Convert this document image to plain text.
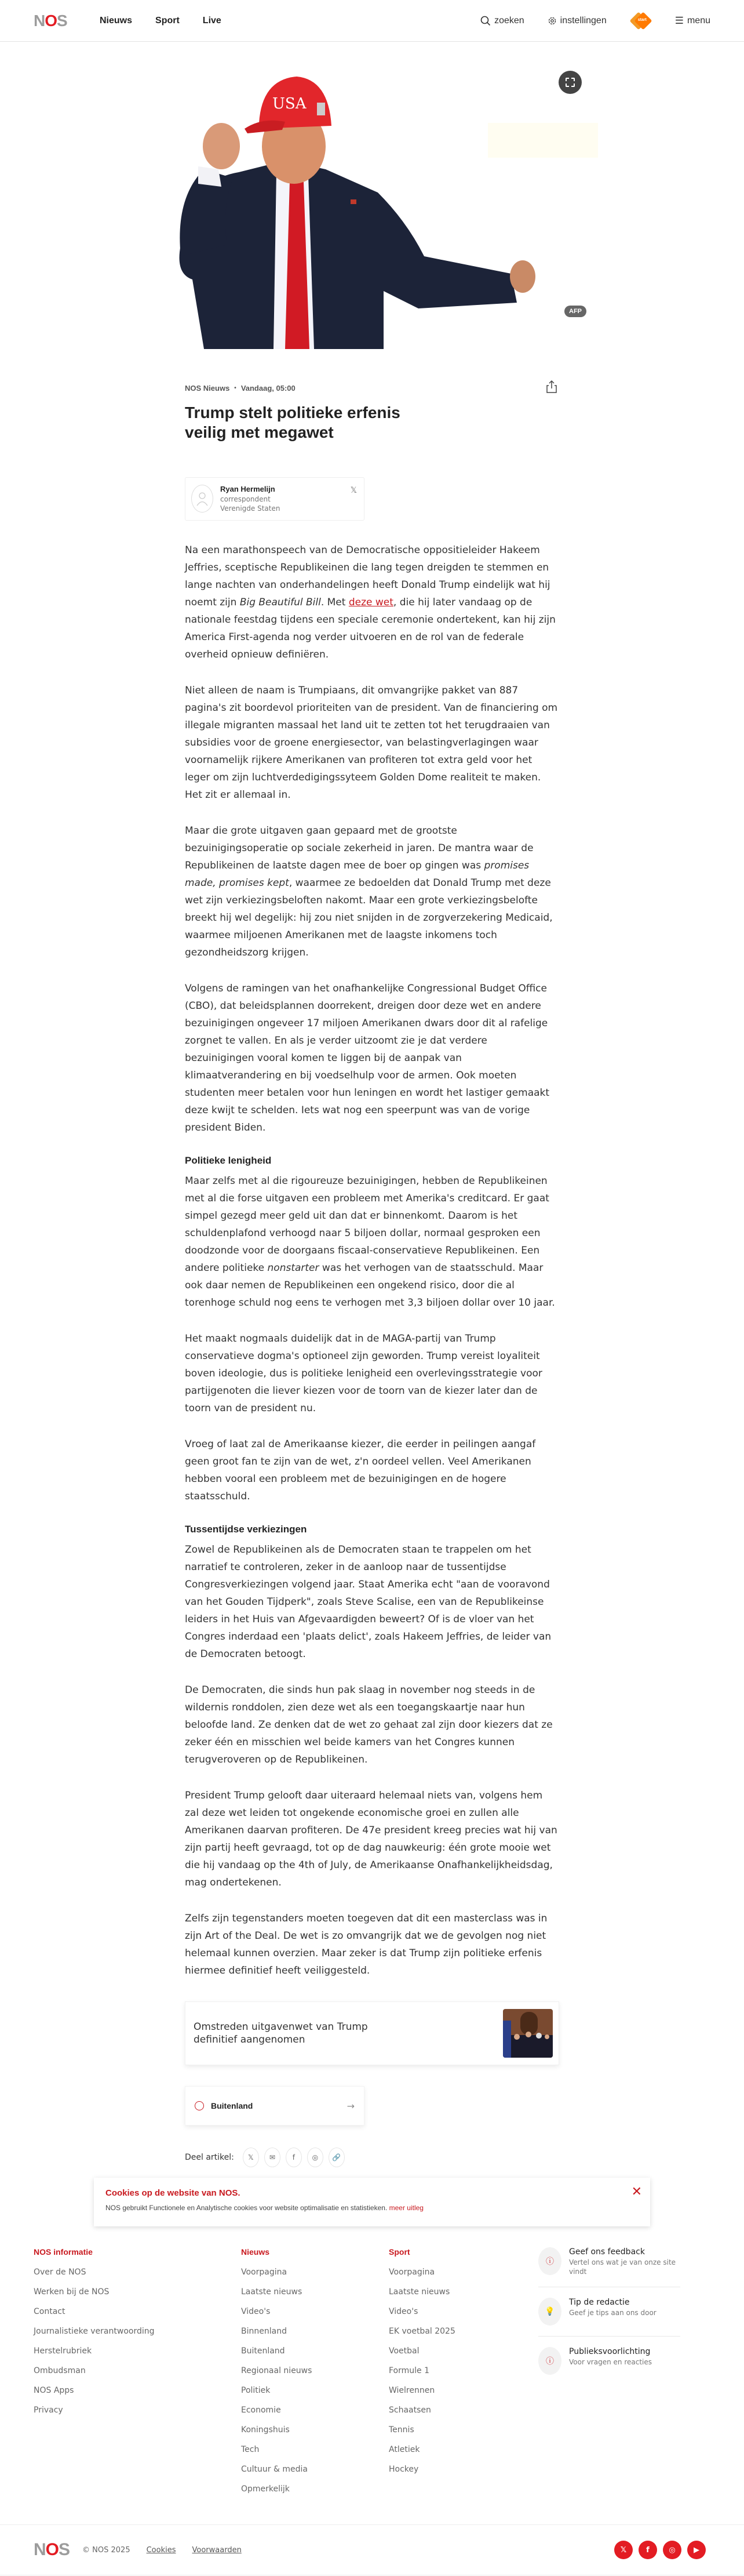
N O S	Nieuws	Sport	Live	zoeken	instellingen	start	☰ menu
USA
AFP
NOS Nieuws • Vandaag, 05:00
Trump stelt politieke erfenis veilig met megawet
Ryan Hermelijn
correspondent Verenigde Staten
𝕏

Na een marathonspeech van de Democratische oppositieleider Hakeem Jeffries, sceptische Republikeinen die lang tegen dreigden te stemmen en lange nachten van onderhandelingen heeft Donald Trump eindelijk wat hij noemt zijn Big Beautiful Bill. Met deze wet, die hij later vandaag op de nationale feestdag tijdens een speciale ceremonie ondertekent, kan hij zijn America First-agenda nog verder uitvoeren en de rol van de federale overheid opnieuw definiëren.

Niet alleen de naam is Trumpiaans, dit omvangrijke pakket van 887 pagina's zit boordevol prioriteiten van de president. Van de financiering om illegale migranten massaal het land uit te zetten tot het terugdraaien van subsidies voor de groene energiesector, van belastingverlagingen waar voornamelijk rijkere Amerikanen van profiteren tot extra geld voor het leger om zijn luchtverdedigingssyteem Golden Dome realiteit te maken. Het zit er allemaal in.

Maar die grote uitgaven gaan gepaard met de grootste bezuinigingsoperatie op sociale zekerheid in jaren. De mantra waar de Republikeinen de laatste dagen mee de boer op gingen was promises made, promises kept, waarmee ze bedoelden dat Donald Trump met deze wet zijn verkiezingsbeloften nakomt. Maar een grote verkiezingsbelofte breekt hij wel degelijk: hij zou niet snijden in de zorgverzekering Medicaid, waarmee miljoenen Amerikanen met de laagste inkomens toch gezondheidszorg krijgen.

Volgens de ramingen van het onafhankelijke Congressional Budget Office (CBO), dat beleidsplannen doorrekent, dreigen door deze wet en andere bezuinigingen ongeveer 17 miljoen Amerikanen dwars door dit al rafelige zorgnet te vallen. En als je verder uitzoomt zie je dat verdere bezuinigingen vooral komen te liggen bij de aanpak van klimaatverandering en bij voedselhulp voor de armen. Ook moeten studenten meer betalen voor hun leningen en wordt het lastiger gemaakt deze kwijt te schelden. Iets wat nog een speerpunt was van de vorige president Biden.

Politieke lenigheid

Maar zelfs met al die rigoureuze bezuinigingen, hebben de Republikeinen met al die forse uitgaven een probleem met Amerika's creditcard. Er gaat simpel gezegd meer geld uit dan dat er binnenkomt. Daarom is het schuldenplafond verhoogd naar 5 biljoen dollar, normaal gesproken een doodzonde voor de doorgaans fiscaal-conservatieve Republikeinen. Een andere politieke nonstarter was het verhogen van de staatsschuld. Maar ook daar nemen de Republikeinen een ongekend risico, door die al torenhoge schuld nog eens te verhogen met 3,3 biljoen dollar over 10 jaar.

Het maakt nogmaals duidelijk dat in de MAGA-partij van Trump conservatieve dogma's optioneel zijn geworden. Trump vereist loyaliteit boven ideologie, dus is politieke lenigheid een overlevingsstrategie voor partijgenoten die liever kiezen voor de toorn van de kiezer later dan de toorn van de president nu.

Vroeg of laat zal de Amerikaanse kiezer, die eerder in peilingen aangaf geen groot fan te zijn van de wet, z'n oordeel vellen. Veel Amerikanen hebben vooral een probleem met de bezuinigingen en de hogere staatsschuld.

Tussentijdse verkiezingen

Zowel de Republikeinen als de Democraten staan te trappelen om het narratief te controleren, zeker in de aanloop naar de tussentijdse Congresverkiezingen volgend jaar. Staat Amerika echt "aan de vooravond van het Gouden Tijdperk", zoals Steve Scalise, een van de Republikeinse leiders in het Huis van Afgevaardigden beweert? Of is de vloer van het Congres inderdaad een 'plaats delict', zoals Hakeem Jeffries, de leider van de Democraten betoogt.

De Democraten, die sinds hun pak slaag in november nog steeds in de wildernis ronddolen, zien deze wet als een toegangskaartje naar hun beloofde land. Ze denken dat de wet zo gehaat zal zijn door kiezers dat ze zeker één en misschien wel beide kamers van het Congres kunnen terugveroveren op de Republikeinen.

President Trump gelooft daar uiteraard helemaal niets van, volgens hem zal deze wet leiden tot ongekende economische groei en zullen alle Amerikanen daarvan profiteren. De 47e president kreeg precies wat hij van zijn partij heeft gevraagd, tot op de dag nauwkeurig: één grote mooie wet die hij vandaag op the 4th of July, de Amerikaanse Onafhankelijkheidsdag, mag ondertekenen.

Zelfs zijn tegenstanders moeten toegeven dat dit een masterclass was in zijn Art of the Deal. De wet is zo omvangrijk dat we de gevolgen nog niet helemaal kunnen overzien. Maar zeker is dat Trump zijn politieke erfenis hiermee definitief heeft veiliggesteld.

Omstreden uitgavenwet van Trump definitief aangenomen
Buitenland	→
Deel artikel:	𝕏	✉	f	◎	🔗
Cookies op de website van NOS.
NOS gebruikt Functionele en Analytische cookies voor website optimalisatie en statistieken. meer uitleg
✕
NOS informatie
Over de NOS
Werken bij de NOS
Contact
Journalistieke verantwoording
Herstelrubriek
Ombudsman
NOS Apps
Privacy
Nieuws
Voorpagina
Laatste nieuws
Video's
Binnenland
Buitenland
Regionaal nieuws
Politiek
Economie
Koningshuis
Tech
Cultuur & media
Opmerkelijk
Sport
Voorpagina
Laatste nieuws
Video's
EK voetbal 2025
Voetbal
Formule 1
Wielrennen
Schaatsen
Tennis
Atletiek
Hockey
ⓘ
Geef ons feedback
Vertel ons wat je van onze site vindt
💡
Tip de redactie
Geef je tips aan ons door
ⓘ
Publieksvoorlichting
Voor vragen en reacties
NOS © NOS 2025 Cookies Voorwaarden	𝕏	f	◎	▶
